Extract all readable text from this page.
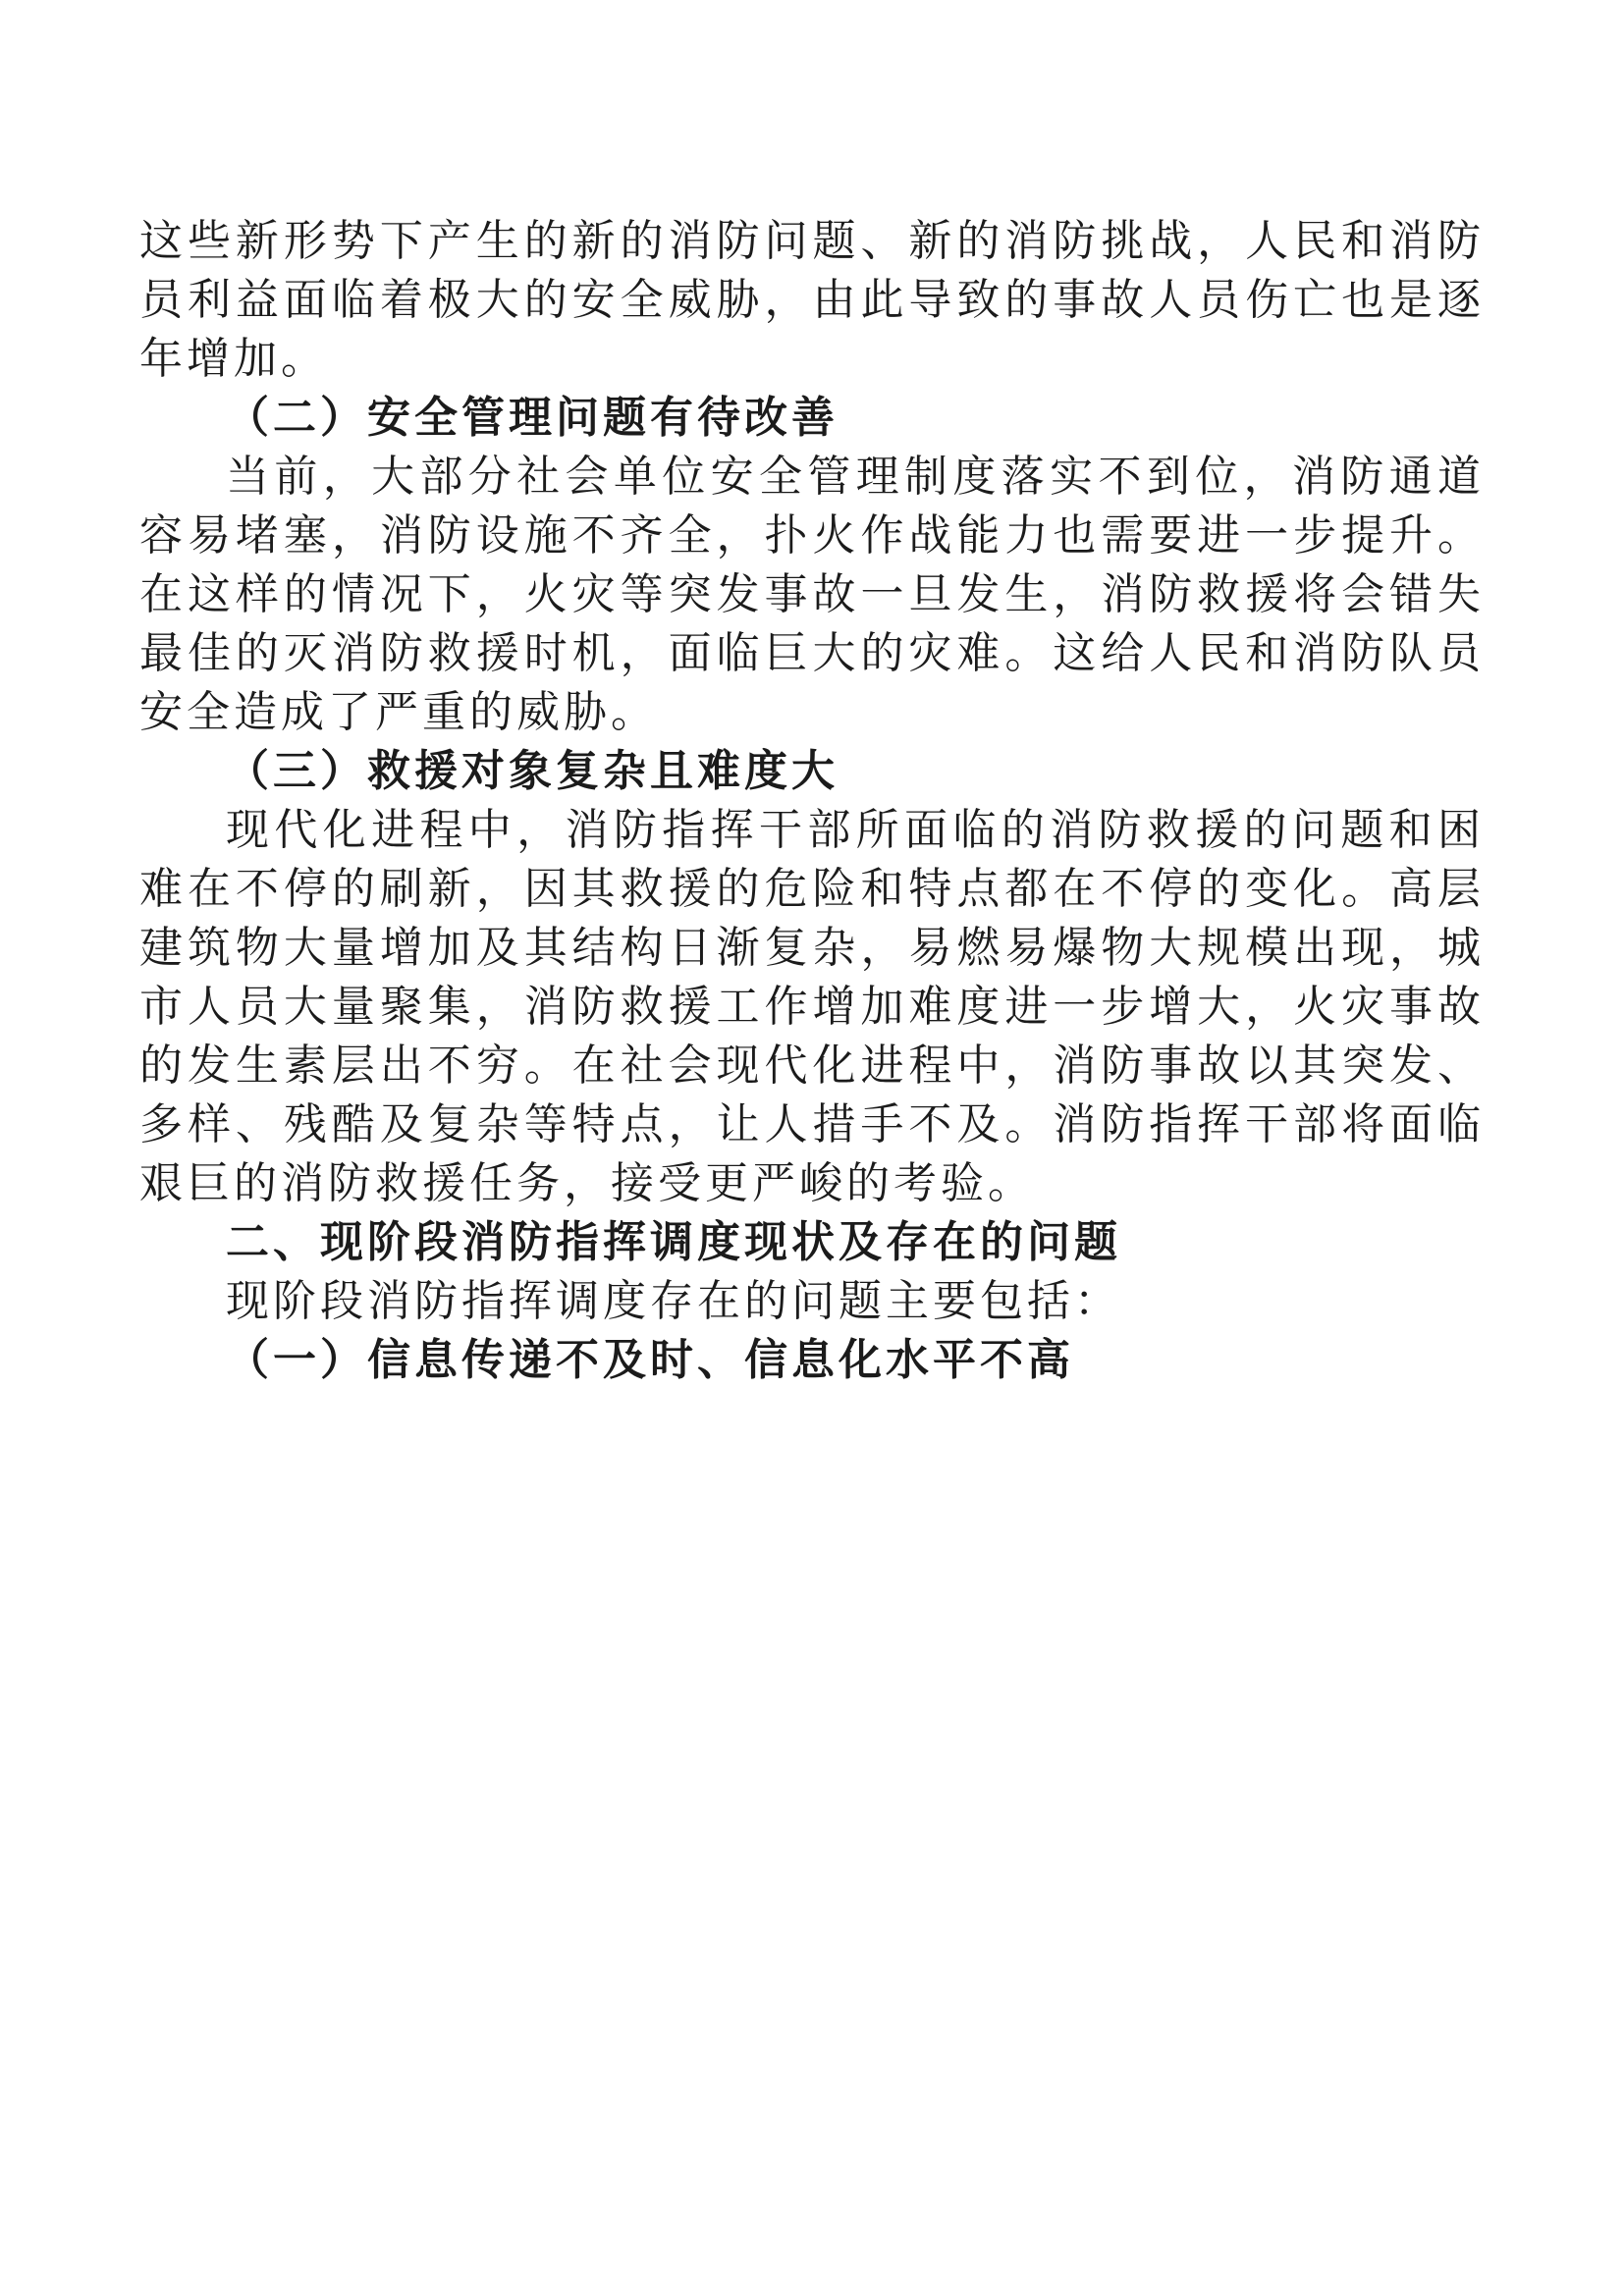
这些新形势下产生的新的消防问题、新的消防挑战，人民和消防员利益面临着极大的安全威胁，由此导致的事故人员伤亡也是逐年增加。

（二）安全管理问题有待改善

当前，大部分社会单位安全管理制度落实不到位，消防通道容易堵塞，消防设施不齐全，扑火作战能力也需要进一步提升。在这样的情况下，火灾等突发事故一旦发生，消防救援将会错失最佳的灭消防救援时机，面临巨大的灾难。这给人民和消防队员安全造成了严重的威胁。

（三）救援对象复杂且难度大

现代化进程中，消防指挥干部所面临的消防救援的问题和困难在不停的刷新，因其救援的危险和特点都在不停的变化。高层建筑物大量增加及其结构日渐复杂，易燃易爆物大规模出现，城市人员大量聚集，消防救援工作增加难度进一步增大，火灾事故的发生素层出不穷。在社会现代化进程中，消防事故以其突发、多样、残酷及复杂等特点，让人措手不及。消防指挥干部将面临艰巨的消防救援任务，接受更严峻的考验。

二、现阶段消防指挥调度现状及存在的问题

现阶段消防指挥调度存在的问题主要包括：

（一）信息传递不及时、信息化水平不高
